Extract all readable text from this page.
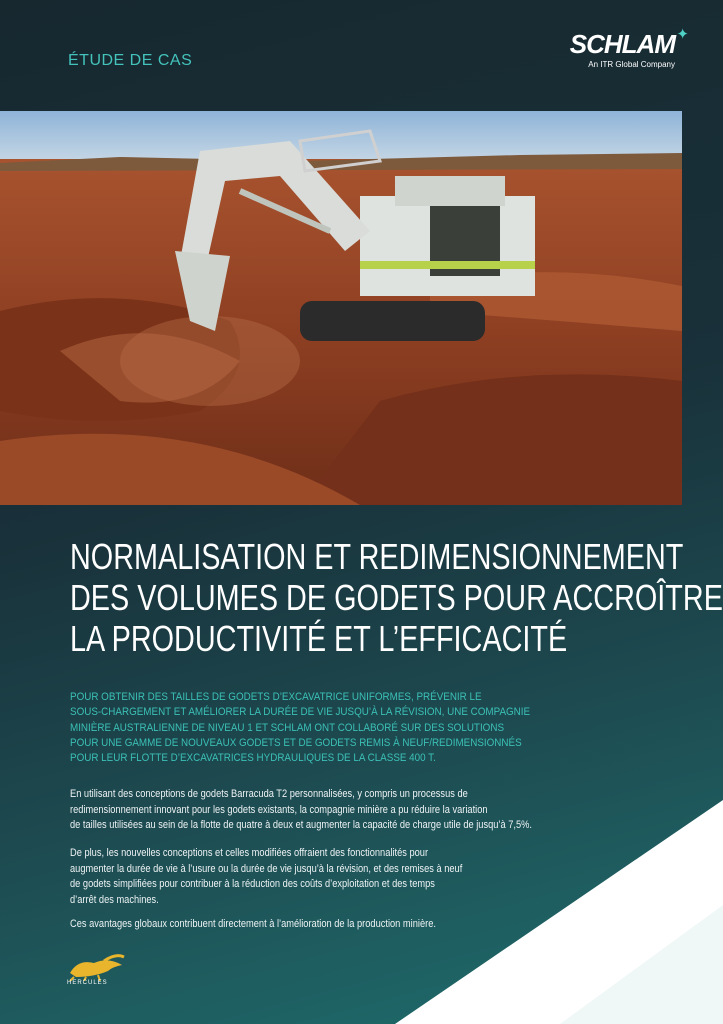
ÉTUDE DE CAS
SCHLAM ✦
An ITR Global Company
NORMALISATION ET REDIMENSIONNEMENT
DES VOLUMES DE GODETS POUR ACCROÎTRE
LA PRODUCTIVITÉ ET L’EFFICACITÉ

POUR OBTENIR DES TAILLES DE GODETS D’EXCAVATRICE UNIFORMES, PRÉVENIR LE
SOUS-CHARGEMENT ET AMÉLIORER LA DURÉE DE VIE JUSQU’À LA RÉVISION, UNE COMPAGNIE
MINIÈRE AUSTRALIENNE DE NIVEAU 1 ET SCHLAM ONT COLLABORÉ SUR DES SOLUTIONS
POUR UNE GAMME DE NOUVEAUX GODETS ET DE GODETS REMIS À NEUF/REDIMENSIONNÉS
POUR LEUR FLOTTE D’EXCAVATRICES HYDRAULIQUES DE LA CLASSE 400 T.

En utilisant des conceptions de godets Barracuda T2 personnalisées, y compris un processus de
redimensionnement innovant pour les godets existants, la compagnie minière a pu réduire la variation
de tailles utilisées au sein de la flotte de quatre à deux et augmenter la capacité de charge utile de jusqu’à 7,5%.

De plus, les nouvelles conceptions et celles modifiées offraient des fonctionnalités pour
augmenter la durée de vie à l’usure ou la durée de vie jusqu’à la révision, et des remises à neuf
de godets simplifiées pour contribuer à la réduction des coûts d’exploitation et des temps
d’arrêt des machines.

Ces avantages globaux contribuent directement à l’amélioration de la production minière.

HERCULES
